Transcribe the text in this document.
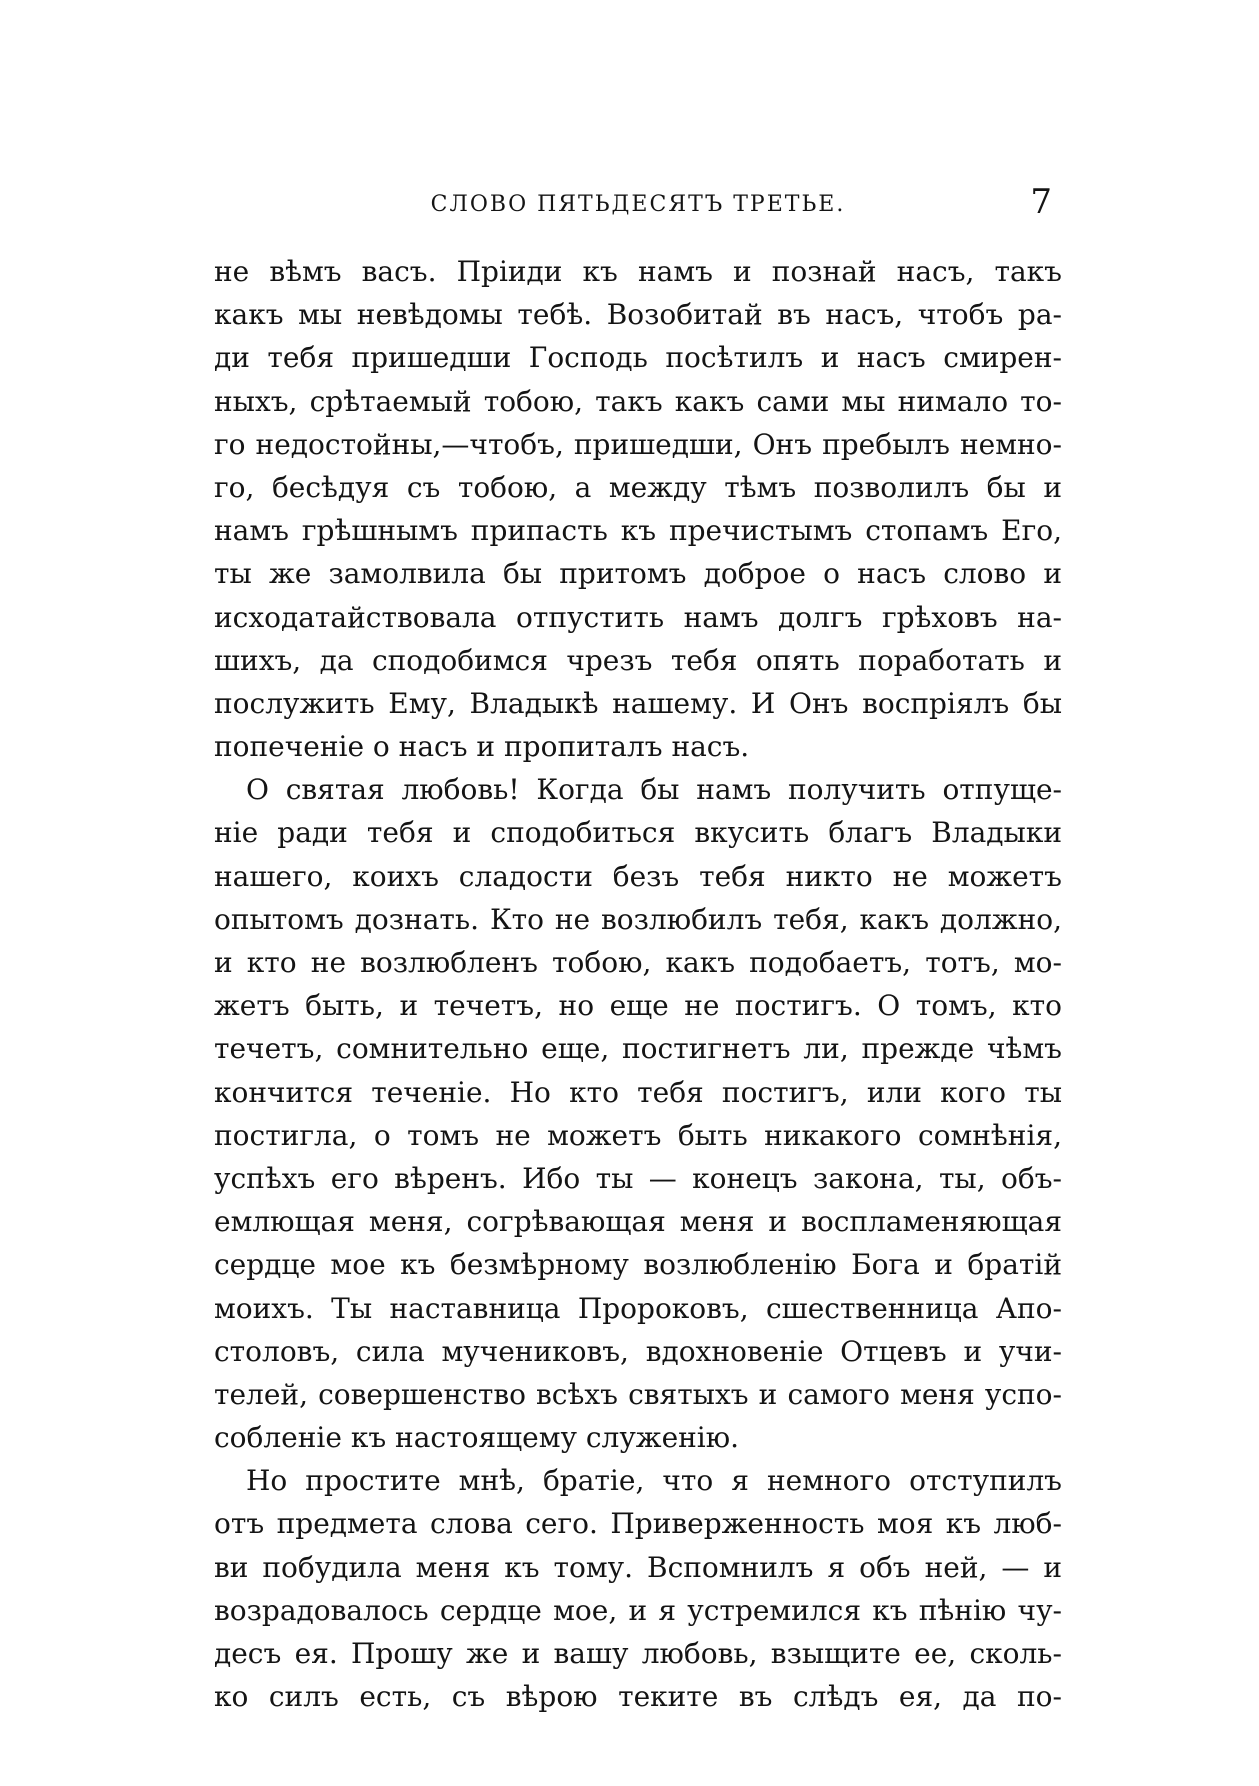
СЛОВО ПЯТЬДЕСЯТЪ ТРЕТЬЕ.	7
не вѣмъ васъ. Пріиди къ намъ и познай насъ, такъ
какъ мы невѣдомы тебѣ. Возобитай въ насъ, чтобъ ра-
ди тебя пришедши Господь посѣтилъ и насъ смирен-
ныхъ, срѣтаемый тобою, такъ какъ сами мы нимало то-
го недостойны,—чтобъ, пришедши, Онъ пребылъ немно-
го, бесѣдуя съ тобою, а между тѣмъ позволилъ бы и
намъ грѣшнымъ припасть къ пречистымъ стопамъ Его,
ты же замолвила бы притомъ доброе о насъ слово и
исходатайствовала отпустить намъ долгъ грѣховъ на-
шихъ, да сподобимся чрезъ тебя опять поработать и
послужить Ему, Владыкѣ нашему. И Онъ воспріялъ бы
попеченіе о насъ и пропиталъ насъ.
О святая любовь! Когда бы намъ получить отпуще-
ніе ради тебя и сподобиться вкусить благъ Владыки
нашего, коихъ сладости безъ тебя никто не можетъ
опытомъ дознать. Кто не возлюбилъ тебя, какъ должно,
и кто не возлюбленъ тобою, какъ подобаетъ, тотъ, мо-
жетъ быть, и течетъ, но еще не постигъ. О томъ, кто
течетъ, сомнительно еще, постигнетъ ли, прежде чѣмъ
кончится теченіе. Но кто тебя постигъ, или кого ты
постигла, о томъ не можетъ быть никакого сомнѣнія,
успѣхъ его вѣренъ. Ибо ты — конецъ закона, ты, объ-
емлющая меня, согрѣвающая меня и воспламеняющая
сердце мое къ безмѣрному возлюбленію Бога и братій
моихъ. Ты наставница Пророковъ, сшественница Апо-
столовъ, сила мучениковъ, вдохновеніе Отцевъ и учи-
телей, совершенство всѣхъ святыхъ и самого меня успо-
собленіе къ настоящему служенію.
Но простите мнѣ, братіе, что я немного отступилъ
отъ предмета слова сего. Приверженность моя къ люб-
ви побудила меня къ тому. Вспомнилъ я объ ней, — и
возрадовалось сердце мое, и я устремился къ пѣнію чу-
десъ ея. Прошу же и вашу любовь, взыщите ее, сколь-
ко силъ есть, съ вѣрою теките въ слѣдъ ея, да по-
